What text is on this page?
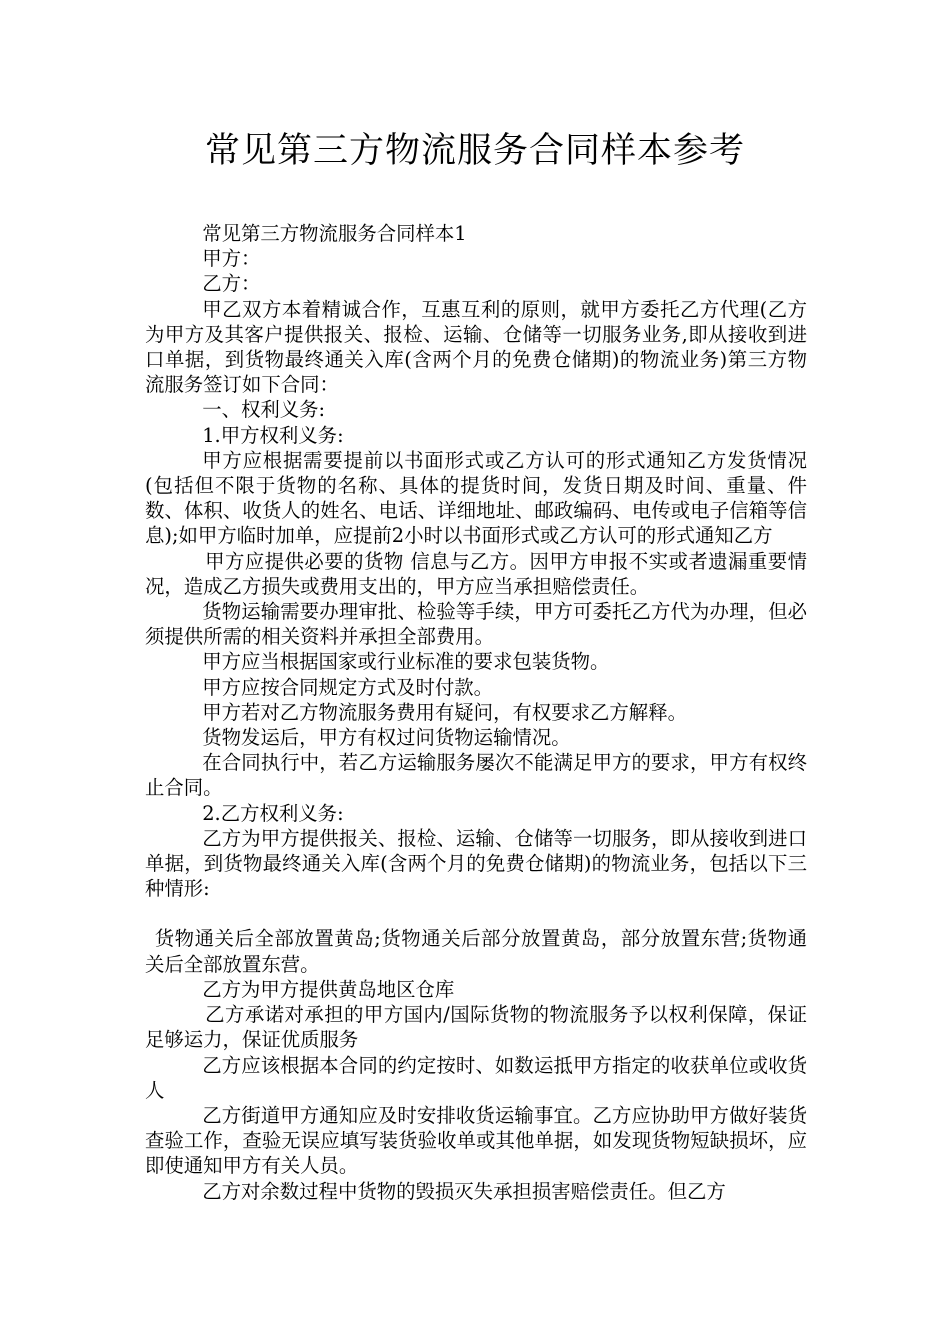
常见第三方物流服务合同样本参考

常见第三方物流服务合同样本1

甲方：

乙方：

甲乙双方本着精诚合作，互惠互利的原则，就甲方委托乙方代理(乙方为甲方及其客户提供报关、报检、运输、仓储等一切服务业务,即从接收到进口单据，到货物最终通关入库(含两个月的免费仓储期)的物流业务)第三方物流服务签订如下合同：

一、权利义务:

1.甲方权利义务:

甲方应根据需要提前以书面形式或乙方认可的形式通知乙方发货情况(包括但不限于货物的名称、具体的提货时间，发货日期及时间、重量、件数、体积、收货人的姓名、电话、详细地址、邮政编码、电传或电子信箱等信息);如甲方临时加单，应提前2小时以书面形式或乙方认可的形式通知乙方

甲方应提供必要的货物 信息与乙方。因甲方申报不实或者遗漏重要情况，造成乙方损失或费用支出的，甲方应当承担赔偿责任。

货物运输需要办理审批、检验等手续，甲方可委托乙方代为办理，但必须提供所需的相关资料并承担全部费用。

甲方应当根据国家或行业标准的要求包装货物。

甲方应按合同规定方式及时付款。

甲方若对乙方物流服务费用有疑问，有权要求乙方解释。

货物发运后，甲方有权过问货物运输情况。

在合同执行中，若乙方运输服务屡次不能满足甲方的要求，甲方有权终止合同。

2.乙方权利义务:

乙方为甲方提供报关、报检、运输、仓储等一切服务，即从接收到进口单据，到货物最终通关入库(含两个月的免费仓储期)的物流业务，包括以下三种情形:

货物通关后全部放置黄岛;货物通关后部分放置黄岛，部分放置东营;货物通关后全部放置东营。

乙方为甲方提供黄岛地区仓库

乙方承诺对承担的甲方国内/国际货物的物流服务予以权利保障，保证足够运力，保证优质服务

乙方应该根据本合同的约定按时、如数运抵甲方指定的收获单位或收货人

乙方街道甲方通知应及时安排收货运输事宜。乙方应协助甲方做好装货查验工作，查验无误应填写装货验收单或其他单据，如发现货物短缺损坏，应即使通知甲方有关人员。

乙方对余数过程中货物的毁损灭失承担损害赔偿责任。但乙方
